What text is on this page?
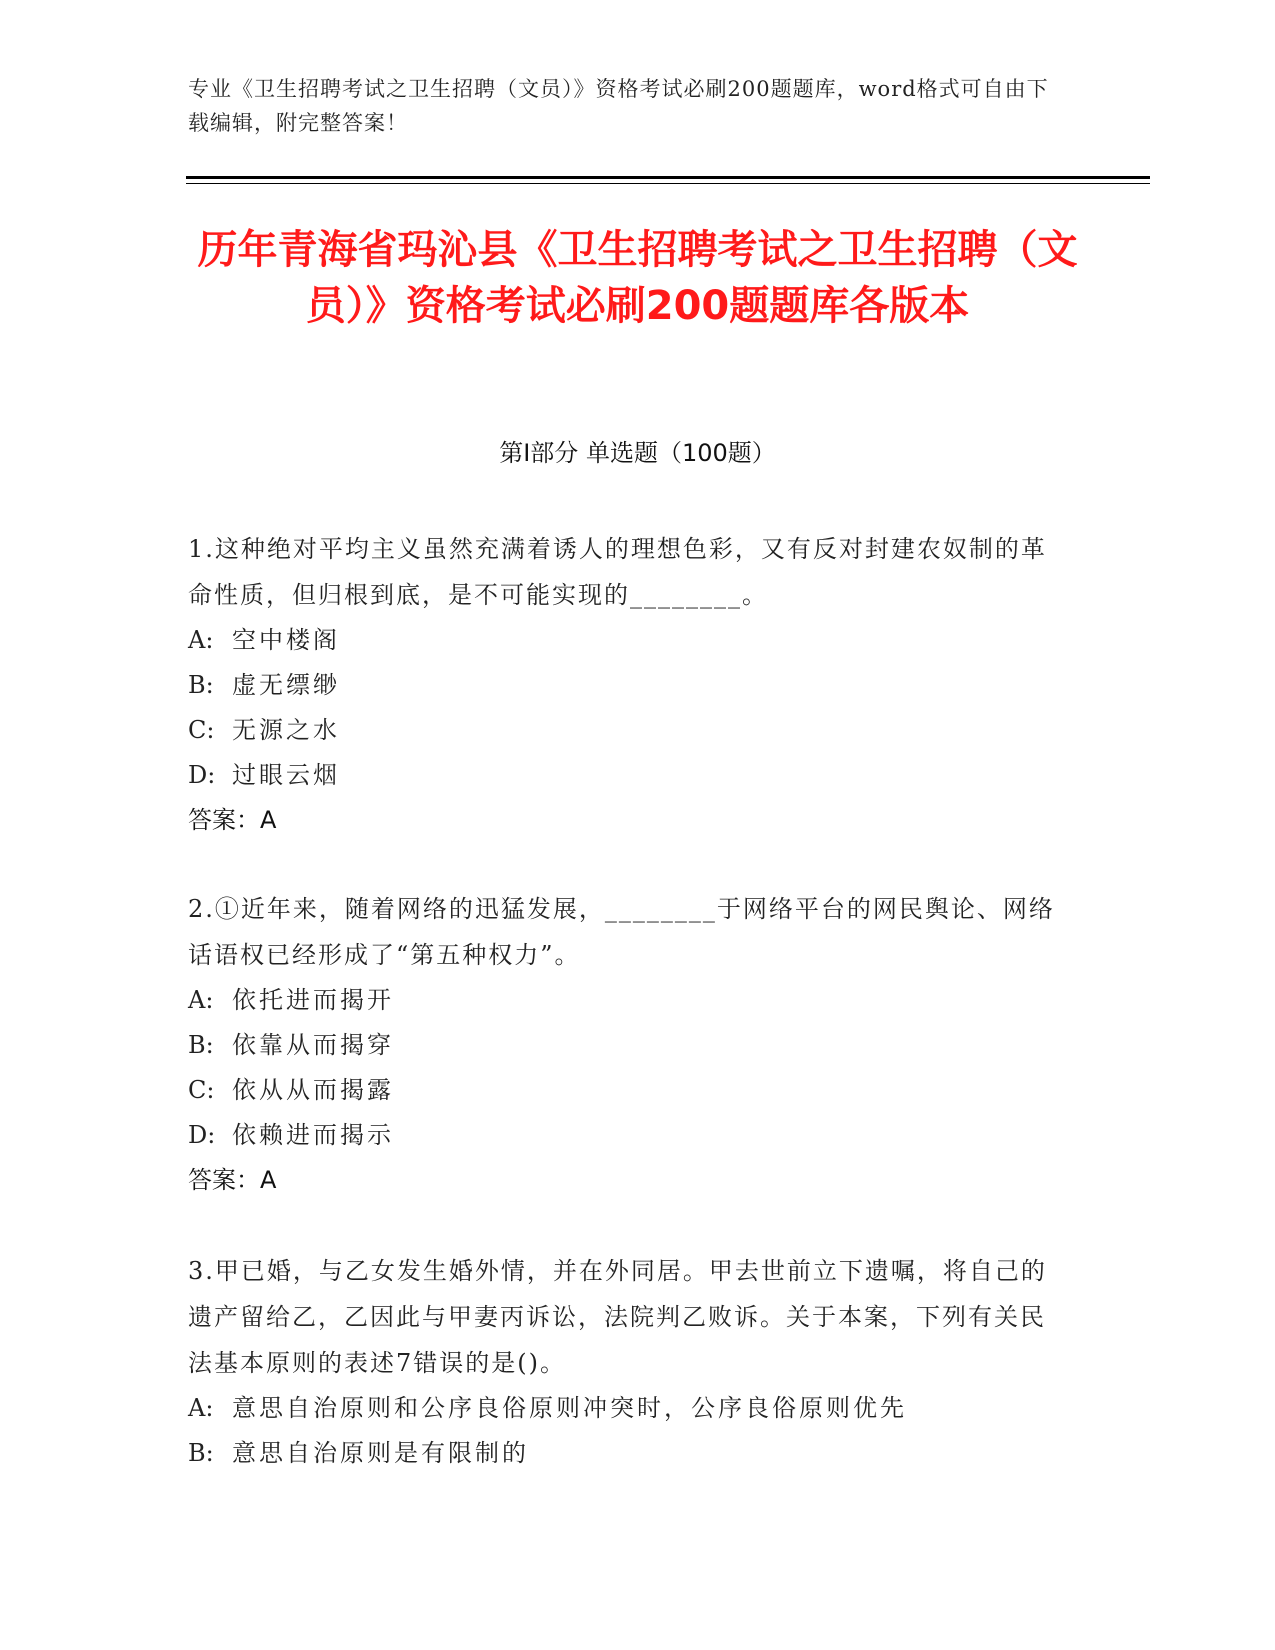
专业《卫生招聘考试之卫生招聘（文员）》资格考试必刷200题题库，word格式可自由下载编辑，附完整答案！
历年青海省玛沁县《卫生招聘考试之卫生招聘（文员）》资格考试必刷200题题库各版本
第Ⅰ部分 单选题（100题）
1.这种绝对平均主义虽然充满着诱人的理想色彩，又有反对封建农奴制的革命性质，但归根到底，是不可能实现的________。
A: 空中楼阁
B: 虚无缥缈
C: 无源之水
D: 过眼云烟
答案：A
2.①近年来，随着网络的迅猛发展，________于网络平台的网民舆论、网络话语权已经形成了“第五种权力”。
A: 依托进而揭开
B: 依靠从而揭穿
C: 依从从而揭露
D: 依赖进而揭示
答案：A
3.甲已婚，与乙女发生婚外情，并在外同居。甲去世前立下遗嘱，将自己的遗产留给乙，乙因此与甲妻丙诉讼，法院判乙败诉。关于本案，下列有关民法基本原则的表述7错误的是()。
A: 意思自治原则和公序良俗原则冲突时，公序良俗原则优先
B: 意思自治原则是有限制的
